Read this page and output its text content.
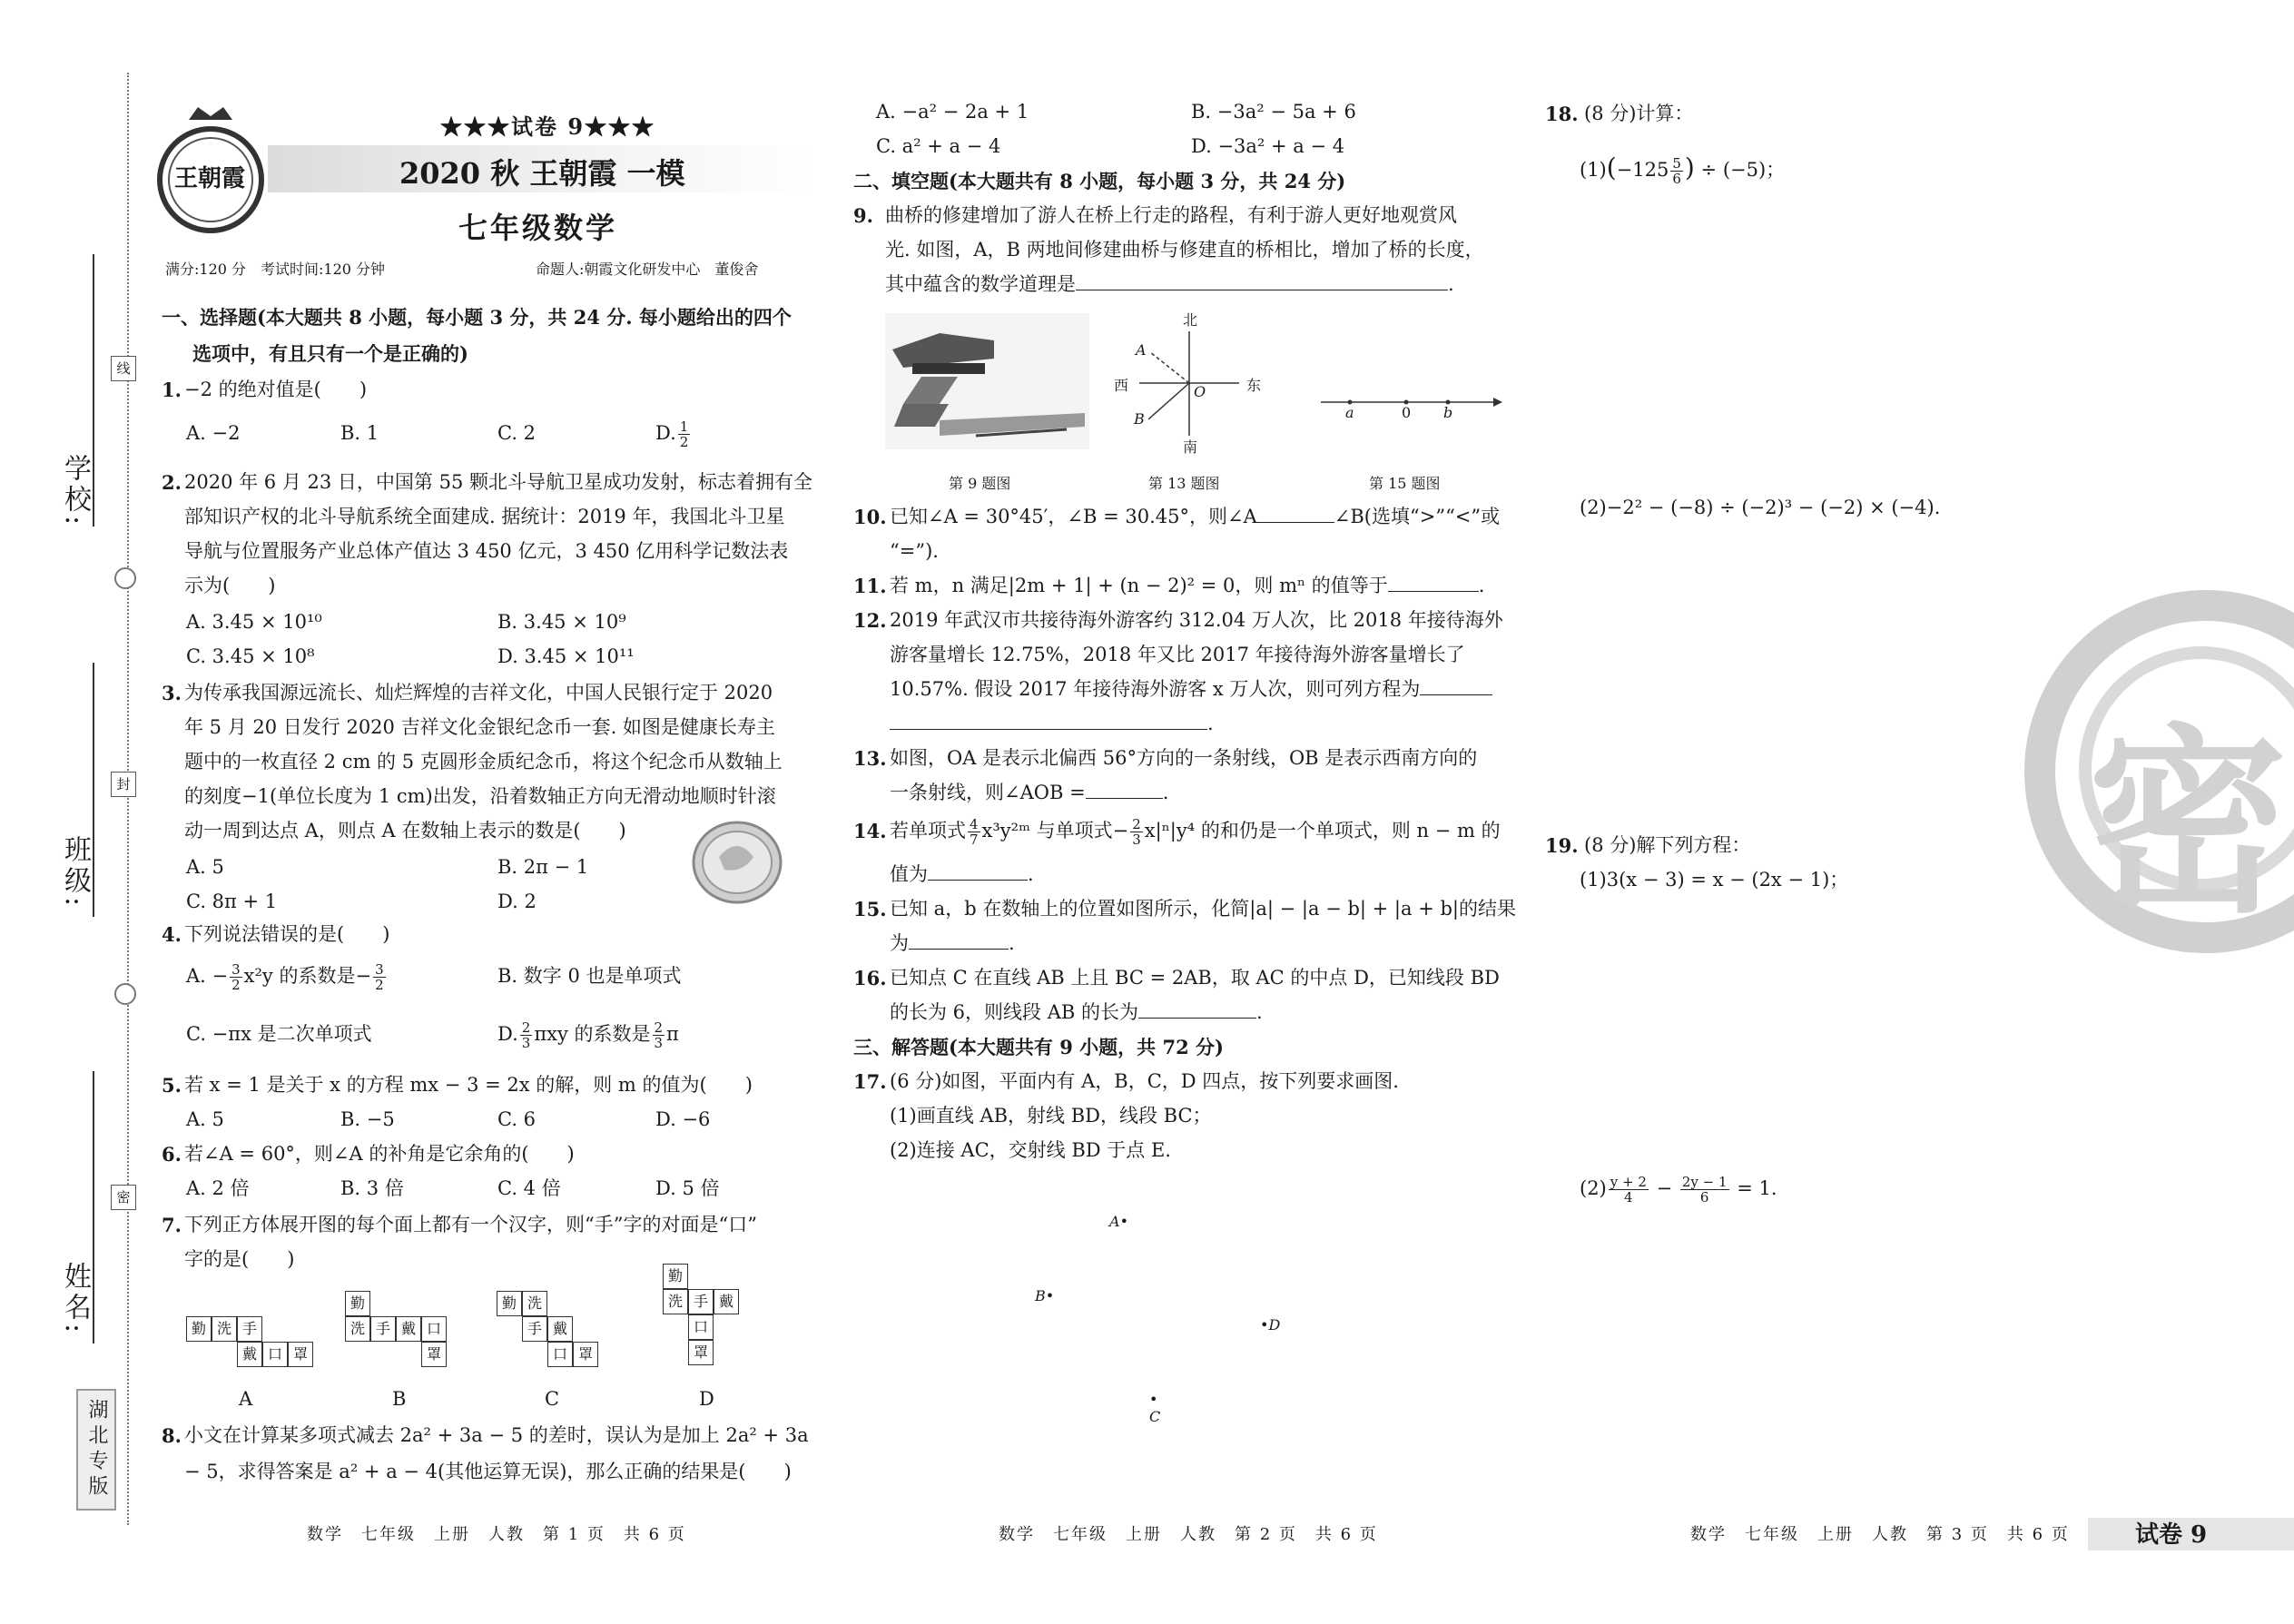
学校:
班级:
姓名:
线
封
密
湖北专版
王朝霞
★★★试卷 9★★★
2020 秋 王朝霞 一模
七年级数学
满分:120 分　考试时间:120 分钟	命题人:朝霞文化研发中心　董俊舍
一、选择题(本大题共 8 小题，每小题 3 分，共 24 分. 每小题给出的四个
选项中，有且只有一个是正确的)
1. −2 的绝对值是(　　)
A. −2	B. 1	C. 2	D. $\frac{1}{2}$
2. 2020 年 6 月 23 日，中国第 55 颗北斗导航卫星成功发射，标志着拥有全
部知识产权的北斗导航系统全面建成. 据统计：2019 年，我国北斗卫星
导航与位置服务产业总体产值达 3 450 亿元，3 450 亿用科学记数法表
示为(　　)
A. 3.45 × 10¹⁰	B. 3.45 × 10⁹
C. 3.45 × 10⁸	D. 3.45 × 10¹¹
3. 为传承我国源远流长、灿烂辉煌的吉祥文化，中国人民银行定于 2020
年 5 月 20 日发行 2020 吉祥文化金银纪念币一套. 如图是健康长寿主
题中的一枚直径 2 cm 的 5 克圆形金质纪念币，将这个纪念币从数轴上
的刻度−1(单位长度为 1 cm)出发，沿着数轴正方向无滑动地顺时针滚
动一周到达点 A，则点 A 在数轴上表示的数是(　　)
A. 5	B. 2π − 1
C. 8π + 1	D. 2
4. 下列说法错误的是(　　)
A. − $\frac{3}{2} x^2y$ 的系数是− $\frac{3}{2}$	B. 数字 0 也是单项式
C. −πx 是二次单项式	D. $\frac{2}{3}$ πxy 的系数是 $\frac{2}{3}$ π
5. 若 x = 1 是关于 x 的方程 mx − 3 = 2x 的解，则 m 的值为(　　)
A. 5	B. −5	C. 6	D. −6
6. 若∠A = 60°，则∠A 的补角是它余角的(　　)
A. 2 倍	B. 3 倍	C. 4 倍	D. 5 倍
7. 下列正方体展开图的每个面上都有一个汉字，则“手”字的对面是“口”
字的是(　　)
勤 洗 手
戴 口 罩
勤
洗 手 戴 口
罩
勤 洗
手 戴
口 罩
勤
洗 手 戴
口
罩
A	B	C	D
8. 小文在计算某多项式减去 2a² + 3a − 5 的差时，误认为是加上 2a² + 3a
− 5，求得答案是 a² + a − 4(其他运算无误)，那么正确的结果是(　　)
A. −a² − 2a + 1	B. −3a² − 5a + 6
C. a² + a − 4	D. −3a² + a − 4
二、填空题(本大题共有 8 小题，每小题 3 分，共 24 分)
9. 曲桥的修建增加了游人在桥上行走的路程，有利于游人更好地观赏风
光. 如图，A，B 两地间修建曲桥与修建直的桥相比，增加了桥的长度，
其中蕴含的数学道理是	.
第 9 题图
北
南
西	东
A
B
O
第 13 题图
a	0 b
第 15 题图
10. 已知∠A = 30°45′，∠B = 30.45°，则∠A	∠B(选填“>”“<”或
“=”).
11. 若 m，n 满足|2m + 1| + (n − 2)² = 0，则 mⁿ 的值等于	.
12. 2019 年武汉市共接待海外游客约 312.04 万人次，比 2018 年接待海外
游客量增长 12.75%，2018 年又比 2017 年接待海外游客量增长了
10.57%. 假设 2017 年接待海外游客 x 万人次，则可列方程为
.
13. 如图，OA 是表示北偏西 56°方向的一条射线，OB 是表示西南方向的
一条射线，则∠AOB =	.
14. 若单项式 $\frac{4}{7}$ x³y²ᵐ 与单项式− $\frac{2}{3} x|^n|y^4$ 的和仍是一个单项式，则 n − m 的
值为	.
15. 已知 a，b 在数轴上的位置如图所示，化简|a| − |a − b| + |a + b|的结果
为	.
16. 已知点 C 在直线 AB 上且 BC = 2AB，取 AC 的中点 D，已知线段 BD
的长为 6，则线段 AB 的长为	.
三、解答题(本大题共有 9 小题，共 72 分)
17. (6 分)如图，平面内有 A，B，C，D 四点，按下列要求画图.
(1)画直线 AB，射线 BD，线段 BC；
(2)连接 AC，交射线 BD 于点 E.
A•
B•
•D
•
C
18. (8 分)计算：
$(1)(-125 \frac{5}{6}$ ) ÷ (−5)；
(2)−2² − (−8) ÷ (−2)³ − (−2) × (−4).
19. (8 分)解下列方程：
(1)3(x − 3) = x − (2x − 1)；
$(2) \frac{y + 2}{4} - \frac{2y - 1}{6} = 1$.
密
数学　七年级　上册　人教　第 1 页　共 6 页	数学　七年级　上册　人教　第 2 页　共 6 页	数学　七年级　上册　人教　第 3 页　共 6 页	试卷 9
